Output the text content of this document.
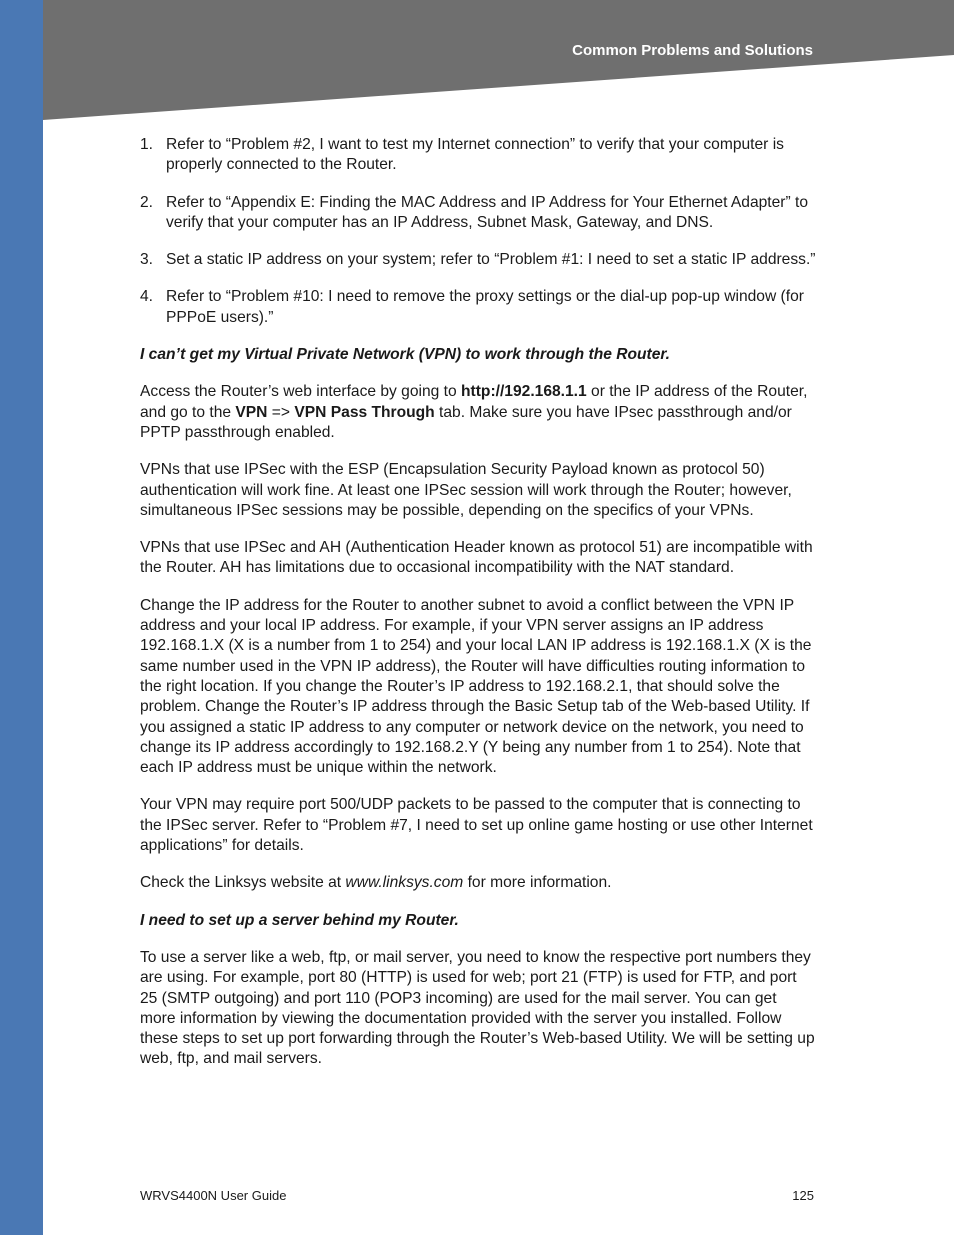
Common Problems and Solutions
1. Refer to “Problem #2, I want to test my Internet connection” to verify that your computer is properly connected to the Router.
2. Refer to “Appendix E: Finding the MAC Address and IP Address for Your Ethernet Adapter” to verify that your computer has an IP Address, Subnet Mask, Gateway, and DNS.
3. Set a static IP address on your system; refer to “Problem #1: I need to set a static IP address.”
4. Refer to “Problem #10: I need to remove the proxy settings or the dial-up pop-up window (for PPPoE users).”
I can’t get my Virtual Private Network (VPN) to work through the Router.

Access the Router’s web interface by going to http://192.168.1.1 or the IP address of the Router, and go to the VPN => VPN Pass Through tab. Make sure you have IPsec passthrough and/or PPTP passthrough enabled.

VPNs that use IPSec with the ESP (Encapsulation Security Payload known as protocol 50) authentication will work fine. At least one IPSec session will work through the Router; however, simultaneous IPSec sessions may be possible, depending on the specifics of your VPNs.

VPNs that use IPSec and AH (Authentication Header known as protocol 51) are incompatible with the Router. AH has limitations due to occasional incompatibility with the NAT standard.

Change the IP address for the Router to another subnet to avoid a conflict between the VPN IP address and your local IP address. For example, if your VPN server assigns an IP address 192.168.1.X (X is a number from 1 to 254) and your local LAN IP address is 192.168.1.X (X is the same number used in the VPN IP address), the Router will have difficulties routing information to the right location. If you change the Router’s IP address to 192.168.2.1, that should solve the problem. Change the Router’s IP address through the Basic Setup tab of the Web-based Utility. If you assigned a static IP address to any computer or network device on the network, you need to change its IP address accordingly to 192.168.2.Y (Y being any number from 1 to 254). Note that each IP address must be unique within the network.

Your VPN may require port 500/UDP packets to be passed to the computer that is connecting to the IPSec server. Refer to “Problem #7, I need to set up online game hosting or use other Internet applications” for details.

Check the Linksys website at www.linksys.com for more information.

I need to set up a server behind my Router.

To use a server like a web, ftp, or mail server, you need to know the respective port numbers they are using. For example, port 80 (HTTP) is used for web; port 21 (FTP) is used for FTP, and port 25 (SMTP outgoing) and port 110 (POP3 incoming) are used for the mail server. You can get more information by viewing the documentation provided with the server you installed. Follow these steps to set up port forwarding through the Router’s Web-based Utility. We will be setting up web, ftp, and mail servers.

WRVS4400N User Guide	125
